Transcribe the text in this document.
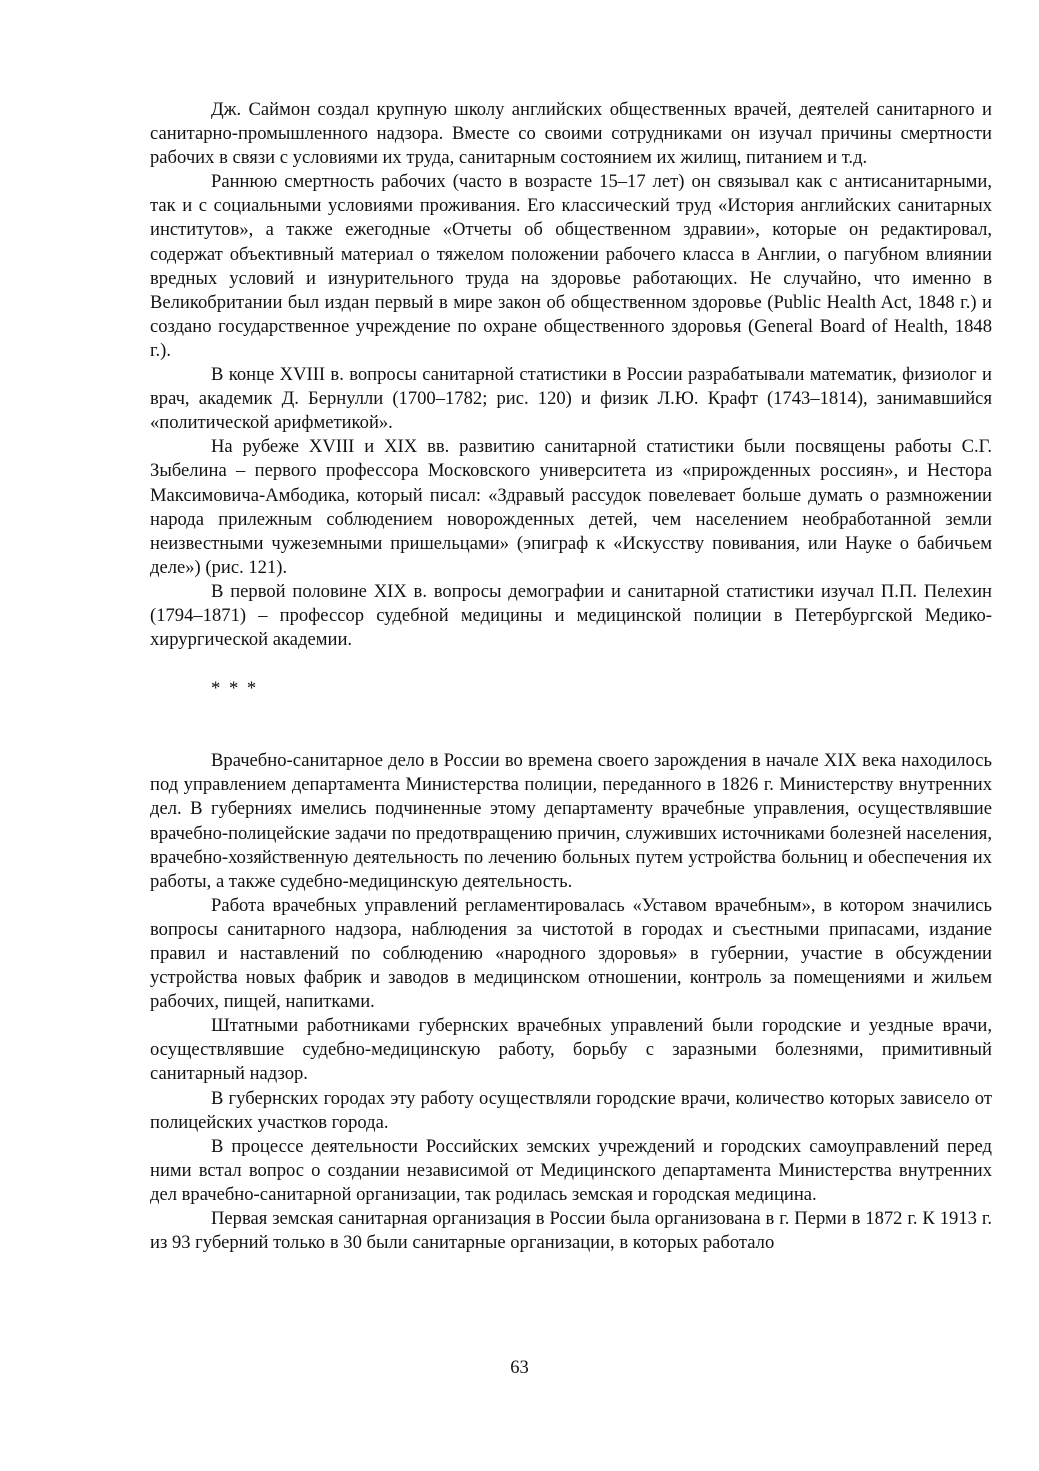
Дж. Саймон создал крупную школу английских общественных врачей, деятелей санитарного и санитарно-промышленного надзора. Вместе со своими сотрудниками он изучал причины смертности рабочих в связи с условиями их труда, санитарным состоянием их жилищ, питанием и т.д.

Раннюю смертность рабочих (часто в возрасте 15–17 лет) он связывал как с антисанитарными, так и с социальными условиями проживания. Его классический труд «История английских санитарных институтов», а также ежегодные «Отчеты об общественном здравии», которые он редактировал, содержат объективный материал о тяжелом положении рабочего класса в Англии, о пагубном влиянии вредных условий и изнурительного труда на здоровье работающих. Не случайно, что именно в Великобритании был издан первый в мире закон об общественном здоровье (Public Health Act, 1848 г.) и создано государственное учреждение по охране общественного здоровья (General Board of Health, 1848 г.).

В конце XVIII в. вопросы санитарной статистики в России разрабатывали математик, физиолог и врач, академик Д. Бернулли (1700–1782; рис. 120) и физик Л.Ю. Крафт (1743–1814), занимавшийся «политической арифметикой».

На рубеже XVIII и XIX вв. развитию санитарной статистики были посвящены работы С.Г. Зыбелина – первого профессора Московского университета из «прирожденных россиян», и Нестора Максимовича-Амбодика, который писал: «Здравый рассудок повелевает больше думать о размножении народа прилежным соблюдением новорожденных детей, чем населением необработанной земли неизвестными чужеземными пришельцами» (эпиграф к «Искусству повивания, или Науке о бабичьем деле») (рис. 121).

В первой половине XIX в. вопросы демографии и санитарной статистики изучал П.П. Пелехин (1794–1871) – профессор судебной медицины и медицинской полиции в Петербургской Медико-хирургической академии.

* * *

Врачебно-санитарное дело в России во времена своего зарождения в начале XIX века находилось под управлением департамента Министерства полиции, переданного в 1826 г. Министерству внутренних дел. В губерниях имелись подчиненные этому департаменту врачебные управления, осуществлявшие врачебно-полицейские задачи по предотвращению причин, служивших источниками болезней населения, врачебно-хозяйственную деятельность по лечению больных путем устройства больниц и обеспечения их работы, а также судебно-медицинскую деятельность.

Работа врачебных управлений регламентировалась «Уставом врачебным», в котором значились вопросы санитарного надзора, наблюдения за чистотой в городах и съестными припасами, издание правил и наставлений по соблюдению «народного здоровья» в губернии, участие в обсуждении устройства новых фабрик и заводов в медицинском отношении, контроль за помещениями и жильем рабочих, пищей, напитками.

Штатными работниками губернских врачебных управлений были городские и уездные врачи, осуществлявшие судебно-медицинскую работу, борьбу с заразными болезнями, примитивный санитарный надзор.

В губернских городах эту работу осуществляли городские врачи, количество которых зависело от полицейских участков города.

В процессе деятельности Российских земских учреждений и городских самоуправлений перед ними встал вопрос о создании независимой от Медицинского департамента Министерства внутренних дел врачебно-санитарной организации, так родилась земская и городская медицина.

Первая земская санитарная организация в России была организована в г. Перми в 1872 г. К 1913 г. из 93 губерний только в 30 были санитарные организации, в которых работало

63
